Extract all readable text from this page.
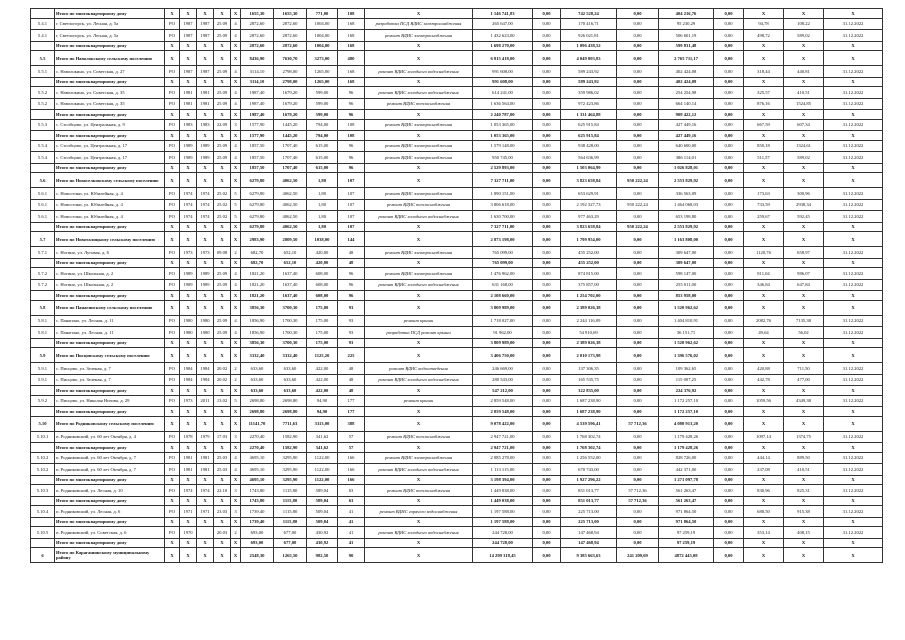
	Итого по многоквартирному дому	Х	Х	Х	Х	Х	1655,30	1655,30	771,00	108	Х	1 146 741,83	0,00	742 528,24	0,00	404 216,76	0,00	Х	Х	Х
5.4.1	г. Светлогорск, ул. Лесная, д. 5а	РО	1987	1987	25.09	4	2872,60	2872,60	1004,00	168	разработка ПСД ВДИС электроснабжения	265 647,00	0,00	170 416,71	0,00	95 230,29	0,00	94,78	108,22	31.12.2022
5.4.1	г. Светлогорск, ул. Лесная, д. 5а	РО	1987	1987	25.09	4	2872,60	2872,60	1004,00	168	ремонт ВДИС электроснабжения	1 432 623,00	0,00	926 021,81	0,00	506 601,19	0,00	498,72	589,02	31.12.2022
	Итого по многоквартирному дому	Х	Х	Х	Х	Х	2872,60	2872,60	1004,00	168	Х	1 698 270,00	0,00	1 096 438,52	0,00	599 831,48	0,00	Х	Х	Х
5.5	Итого по Наволокскому сельскому поселению	Х	Х	Х	Х	Х	8436,90	7630,70	3273,00	480	Х	6 815 418,00	0,00	4 049 803,83	0,00	2 765 711,17	0,00	Х	Х	Х
5.5.1	с. Наволокино, ул. Советская, д. 27	РО	1987	1987	25.09	4	3114,10	2798,00	1265,00	168	ремонт ВДИС холодного водоснабжения	991 608,00	0,00	589 243,92	0,00	402 424,08	0,00	318,44	440,81	31.12.2022
	Итого по многоквартирному дому	Х	Х	Х	Х	Х	3114,10	2798,00	1265,00	168	Х	991 608,00	0,00	589 243,92	0,00	402 424,08	0,00	Х	Х	Х
5.5.2	с. Наволокино, ул. Советская, д. 35	РО	1981	1981	25.09	4	1987,40	1679,20	599,00	96	ремонт ВДИС холодного водоснабжения	614 241,00	0,00	359 986,02	0,00	254 254,98	0,00	325,57	410,51	31.12.2022
5.5.2	с. Наволокино, ул. Советская, д. 35	РО	1981	1981	25.09	4	1987,40	1679,20	599,00	96	ремонт ВДИС теплоснабжения	1 636 564,00	0,00	972 423,86	0,00	664 140,14	0,00	876,16	1524,85	31.12.2022
	Итого по многоквартирному дому	Х	Х	Х	Х	Х	1987,40	1679,20	599,00	96	Х	2 240 787,00	0,00	1 331 464,88	0,00	909 422,12	0,00	Х	Х	Х
5.5.3	с. Столбцово, ул. Центральная, д. 9	РО	1983	1983	22.09	3	1577,90	1445,20	794,00	108	ремонт ВДИС электроснабжения	1 053 365,00	0,00	625 915,84	0,00	427 449,16	0,00	667,59	607,34	31.12.2022
	Итого по многоквартирному дому	Х	Х	Х	Х	Х	1577,90	1445,20	794,00	108	Х	1 053 365,00	0,00	625 915,84	0,00	427 449,16	0,00	Х	Х	Х
5.5.4	с. Столбцово, ул. Центральная, д. 17	РО	1989	1989	25.09	4	1857,50	1707,40	615,00	96	ремонт ВДИС электроснабжения	1 579 148,00	0,00	938 428,00	0,00	640 600,00	0,00	850,18	1324,61	31.12.2022
5.5.4	с. Столбцово, ул. Центральная, д. 17	РО	1989	1989	25.09	4	1857,50	1707,40	615,00	96	ремонт ВДИС электроснабжения	950 745,00	0,00	564 636,99	0,00	386 114,01	0,00	511,57	589,02	31.12.2022
	Итого по многоквартирному дому	Х	Х	Х	Х	Х	1857,50	1707,40	615,00	96	Х	2 529 893,00	0,00	1 503 064,99	0,00	1 026 828,01	0,00	Х	Х	Х
5.6	Итого по Новоселковскому сельскому поселению	Х	Х	Х	Х	Х	6279,80	4062,50	1,80	107	Х	7 327 711,00	0,00	3 823 658,84	950 222,24	2 553 829,92	0,00	Х	Х	Х
5.6.1	с. Новоселки, ул. Юбилейная, д. 4	РО	1974	1974	25.02	5	6279,80	4062,50	1,80	107	ремонт ВДИС электроснабжения	1 890 151,00	0,00	653 629,91	0,00	336 563,09	0,00	173,63	300,96	31.12.2022
5.6.1	с. Новоселки, ул. Юбилейная, д. 4	РО	1974	1974	25.02	5	6279,80	4062,50	1,80	107	ремонт ВДИС теплоснабжения	3 806 618,00	0,00	2 192 327,73	950 222,24	1 464 068,03	0,00	733,59	2938,34	31.12.2022
5.6.1	с. Новоселки, ул. Юбилейная, д. 4	РО	1974	1974	25.02	5	6279,80	4062,50	1,80	107	ремонт ВДИС холодного водоснабжения	1 630 700,00	0,00	977 463,29	0,00	653 198,80	0,00	259,67	592,45	31.12.2022
	Итого по многоквартирному дому	Х	Х	Х	Х	Х	6279,80	4062,50	1,80	107	Х	7 327 711,00	0,00	3 823 658,84	950 222,24	2 553 829,92	0,00	Х	Х	Х
5.7	Итого по Новоталицкому сельскому поселению	Х	Х	Х	Х	Х	2983,90	2809,50	1038,00	144	Х	2 873 198,00	0,00	1 799 954,00	0,00	1 163 808,00	0,00	Х	Х	Х
5.7.1	с. Ногино, ул. Луговая, д. 6	РО	1973	1973	09.08	2	682,70	652,10	420,00	48	ремонт ВДИС электроснабжения	765 099,00	0,00	455 252,00	0,00	309 647,00	0,00	1120,76	658,97	31.12.2022
	Итого по многоквартирному дому	Х	Х	Х	Х	Х	682,70	652,10	420,00	48	Х	765 099,00	0,00	455 252,00	0,00	309 647,00	0,00	Х	Х	Х
5.7.2	с. Ногино, ул. Школьная, д. 2	РО	1989	1989	25.09	4	1821,20	1637,40	608,00	96	ремонт ВДИС электроснабжения	1 476 962,00	0,00	874 815,00	0,00	598 147,00	0,00	811,04	986,07	31.12.2022
5.7.2	с. Ногино, ул. Школьная, д. 2	РО	1989	1989	25.09	4	1821,20	1637,40	608,00	96	ремонт ВДИС холодного водоснабжения	631 168,00	0,00	375 857,00	0,00	255 011,00	0,00	346,84	647,84	31.12.2022
	Итого по многоквартирному дому	Х	Х	Х	Х	Х	1821,20	1637,40	608,00	96	Х	2 108 660,00	0,00	1 254 702,00	0,00	853 958,00	0,00	Х	Х	Х
5.8	Итого по Панагинскому сельскому поселению	Х	Х	Х	Х	Х	3856,30	3700,30	175,00	93	Х	3 809 989,00	0,00	2 389 026,38	0,00	1 520 962,62	0,00	Х	Х	Х
5.8.1	с. Панагино, ул. Лесная, д. 11	РО	1980	1980	25.09	4	1856,90	1700,30	175,00	93	ремонт крыши	1 718 027,00	0,00	2 244 116,09	0,00	1 404 810,91	0,00	2082,76	7135,38	31.12.2022
5.8.1	с. Панагино, ул. Лесная, д. 11	РО	1980	1980	25.09	4	1856,90	1700,30	175,00	93	разработка ПСД ремонт крыши	91 962,00	0,00	54 910,69	0,00	36 151,71	0,00	49,64	56,02	31.12.2022
	Итого по многоквартирному дому	Х	Х	Х	Х	Х	3856,30	3700,30	175,00	93	Х	3 809 989,00	0,00	2 389 026,38	0,00	1 520 962,62	0,00	Х	Х	Х
5.9	Итого по Писцовскому сельскому поселению	Х	Х	Х	Х	Х	3332,40	3332,40	1125,20	225	Х	3 406 750,00	0,00	2 010 173,98	0,00	1 396 576,02	0,00	Х	Х	Х
5.9.1	с. Писцово, ул. Зеленая, д. 7	РО	1984	1984	20.02	2	633,60	633,60	422,00	48	ремонт ВДИС водоотведения	246 669,00	0,00	137 306,35	0,00	109 362,65	0,00	420,88	711,50	31.12.2022
5.9.1	с. Писцово, ул. Зеленая, д. 7	РО	1984	1984	20.02	2	633,60	633,60	422,00	48	ремонт ВДИС холодного водоснабжения	280 543,00	0,00	165 535,75	0,00	115 007,25	0,00	442,78	477,00	31.12.2022
	Итого по многоквартирному дому	Х	Х	Х	Х	Х	633,60	633,60	422,00	48	Х	547 212,00	0,00	322 835,00	0,00	224 376,92	0,00	Х	Х	Х
5.9.2	с. Писцово, ул. Николая Низова, д. 29	РО	1973	2011	13.02	5	2698,80	2698,80	94,90	177	ремонт крыши	2 859 548,00	0,00	1 687 238,90	0,00	1 172 257,10	0,00	1059,56	4349,38	31.12.2022
	Итого по многоквартирному дому	Х	Х	Х	Х	Х	2698,80	2698,80	94,90	177	Х	2 859 548,00	0,00	1 687 238,90	0,00	1 172 257,10	0,00	Х	Х	Х
5.10	Итого по Родниковскому сельскому поселению	Х	Х	Х	Х	Х	11141,70	7711,63	3113,00	388	Х	9 078 422,00	0,00	4 539 596,41	57 712,36	4 080 913,20	0,00	Х	Х	Х
5.10.1	п. Родниковский, ул. 60 лет Октября, д. 4	РО	1978	1979	17.03	3	2270,40	1582,90	341,62	57	ремонт ВДИС теплоснабжения	2 947 721,00	0,00	1 768 302,74	0,00	1 179 428,26	0,00	1097,14	1374,75	31.12.2022
	Итого по многоквартирному дому	Х	Х	Х	Х	Х	2270,40	1582,90	341,62	57	Х	2 947 721,00	0,00	1 768 302,74	0,00	1 179 428,26	0,00	Х	Х	Х
5.10.2	п. Родниковский, ул. 60 лет Октября, д. 7	РО	1981	1981	25.03	4	4695,10	3295,90	1122,00	166	ремонт ВДИС электроснабжения	2 085 278,00	0,00	1 256 552,00	0,00	828 726,00	0,00	444,14	889,50	31.12.2022
5.10.2	п. Родниковский, ул. 60 лет Октября, д. 7	РО	1981	1981	25.03	4	4695,10	3295,90	1122,00	166	ремонт ВДИС холодного водоснабжения	1 113 115,00	0,00	670 743,00	0,00	442 371,00	0,00	237,08	410,51	31.12.2022
	Итого по многоквартирному дому	Х	Х	Х	Х	Х	4695,10	3295,90	1122,00	166	Х	3 198 394,00	0,00	1 927 296,22	0,00	1 271 097,78	0,00	Х	Х	Х
5.10.3	п. Родниковский, ул. Лесная, д. 10	РО	1974	1974	22.10	3	1743,80	1115,80	589,04	63	ремонт ВДИС теплоснабжения	1 449 038,00	0,00	851 013,77	57 712,36	561 263,47	0,00	830,96	825,31	31.12.2022
	Итого по многоквартирному дому	Х	Х	Х	Х	Х	1743,80	1115,80	589,04	63	Х	1 449 038,00	0,00	851 013,77	57 712,36	561 263,47	0,00	Х	Х	Х
5.10.4	п. Родниковский, ул. Лесная, д. 6	РО	1971	1971	23.03	3	1739,40	1115,80	509,04	41	ремонт ВДИС горячего водоснабжения	1 197 588,00	0,00	225 713,00	0,00	971 864,50	0,00	688,50	915,38	31.12.2022
	Итого по многоквартирному дому	Х	Х	Х	Х	Х	1739,40	1115,80	509,04	41	Х	1 197 588,00	0,00	225 713,00	0,00	971 864,50	0,00	Х	Х	Х
5.10.5	п. Родниковский, ул. Советская, д. 6	РО	1970		20.03	2	693,00	677,00	430,92	41	ремонт ВДИС холодного водоснабжения	244 728,00	0,00	147 468,94	0,00	97 259,19	0,00	353,14	408,15	31.12.2022
	Итого по многоквартирному дому	Х	Х	Х	Х	Х	693,00	677,00	430,92	41	Х	244 728,00	0,00	147 468,94	0,00	97 259,19	0,00	Х	Х	Х
6	Итого по Карагашинскому муниципальному району	Х	Х	Х	Х	Х	2548,30	1265,50	982,50	90	Х	14 299 318,45	0,00	9 385 663,63	241 209,69	4872 445,08	0,00	Х	Х	Х
